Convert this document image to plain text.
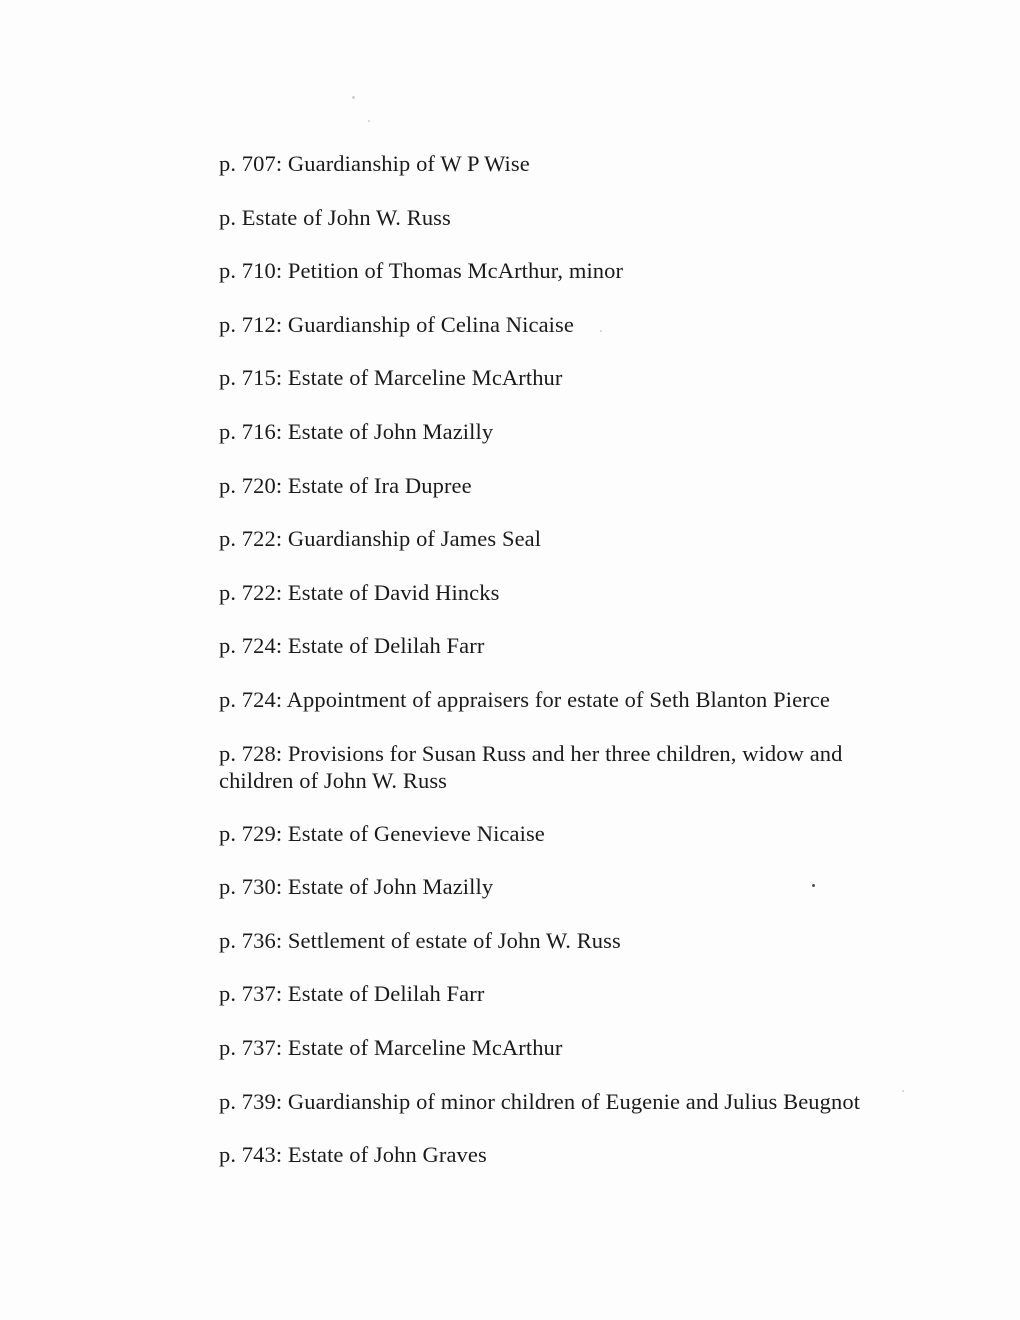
p. 707: Guardianship of W P Wise
p. Estate of John W. Russ
p. 710: Petition of Thomas McArthur, minor
p. 712: Guardianship of Celina Nicaise
p. 715: Estate of Marceline McArthur
p. 716: Estate of John Mazilly
p. 720: Estate of Ira Dupree
p. 722: Guardianship of James Seal
p. 722: Estate of David Hincks
p. 724: Estate of Delilah Farr
p. 724: Appointment of appraisers for estate of Seth Blanton Pierce
p. 728: Provisions for Susan Russ and her three children, widow and children of John W. Russ
p. 729: Estate of Genevieve Nicaise
p. 730: Estate of John Mazilly
p. 736: Settlement of estate of John W. Russ
p. 737: Estate of Delilah Farr
p. 737: Estate of Marceline McArthur
p. 739: Guardianship of minor children of Eugenie and Julius Beugnot
p. 743: Estate of John Graves
